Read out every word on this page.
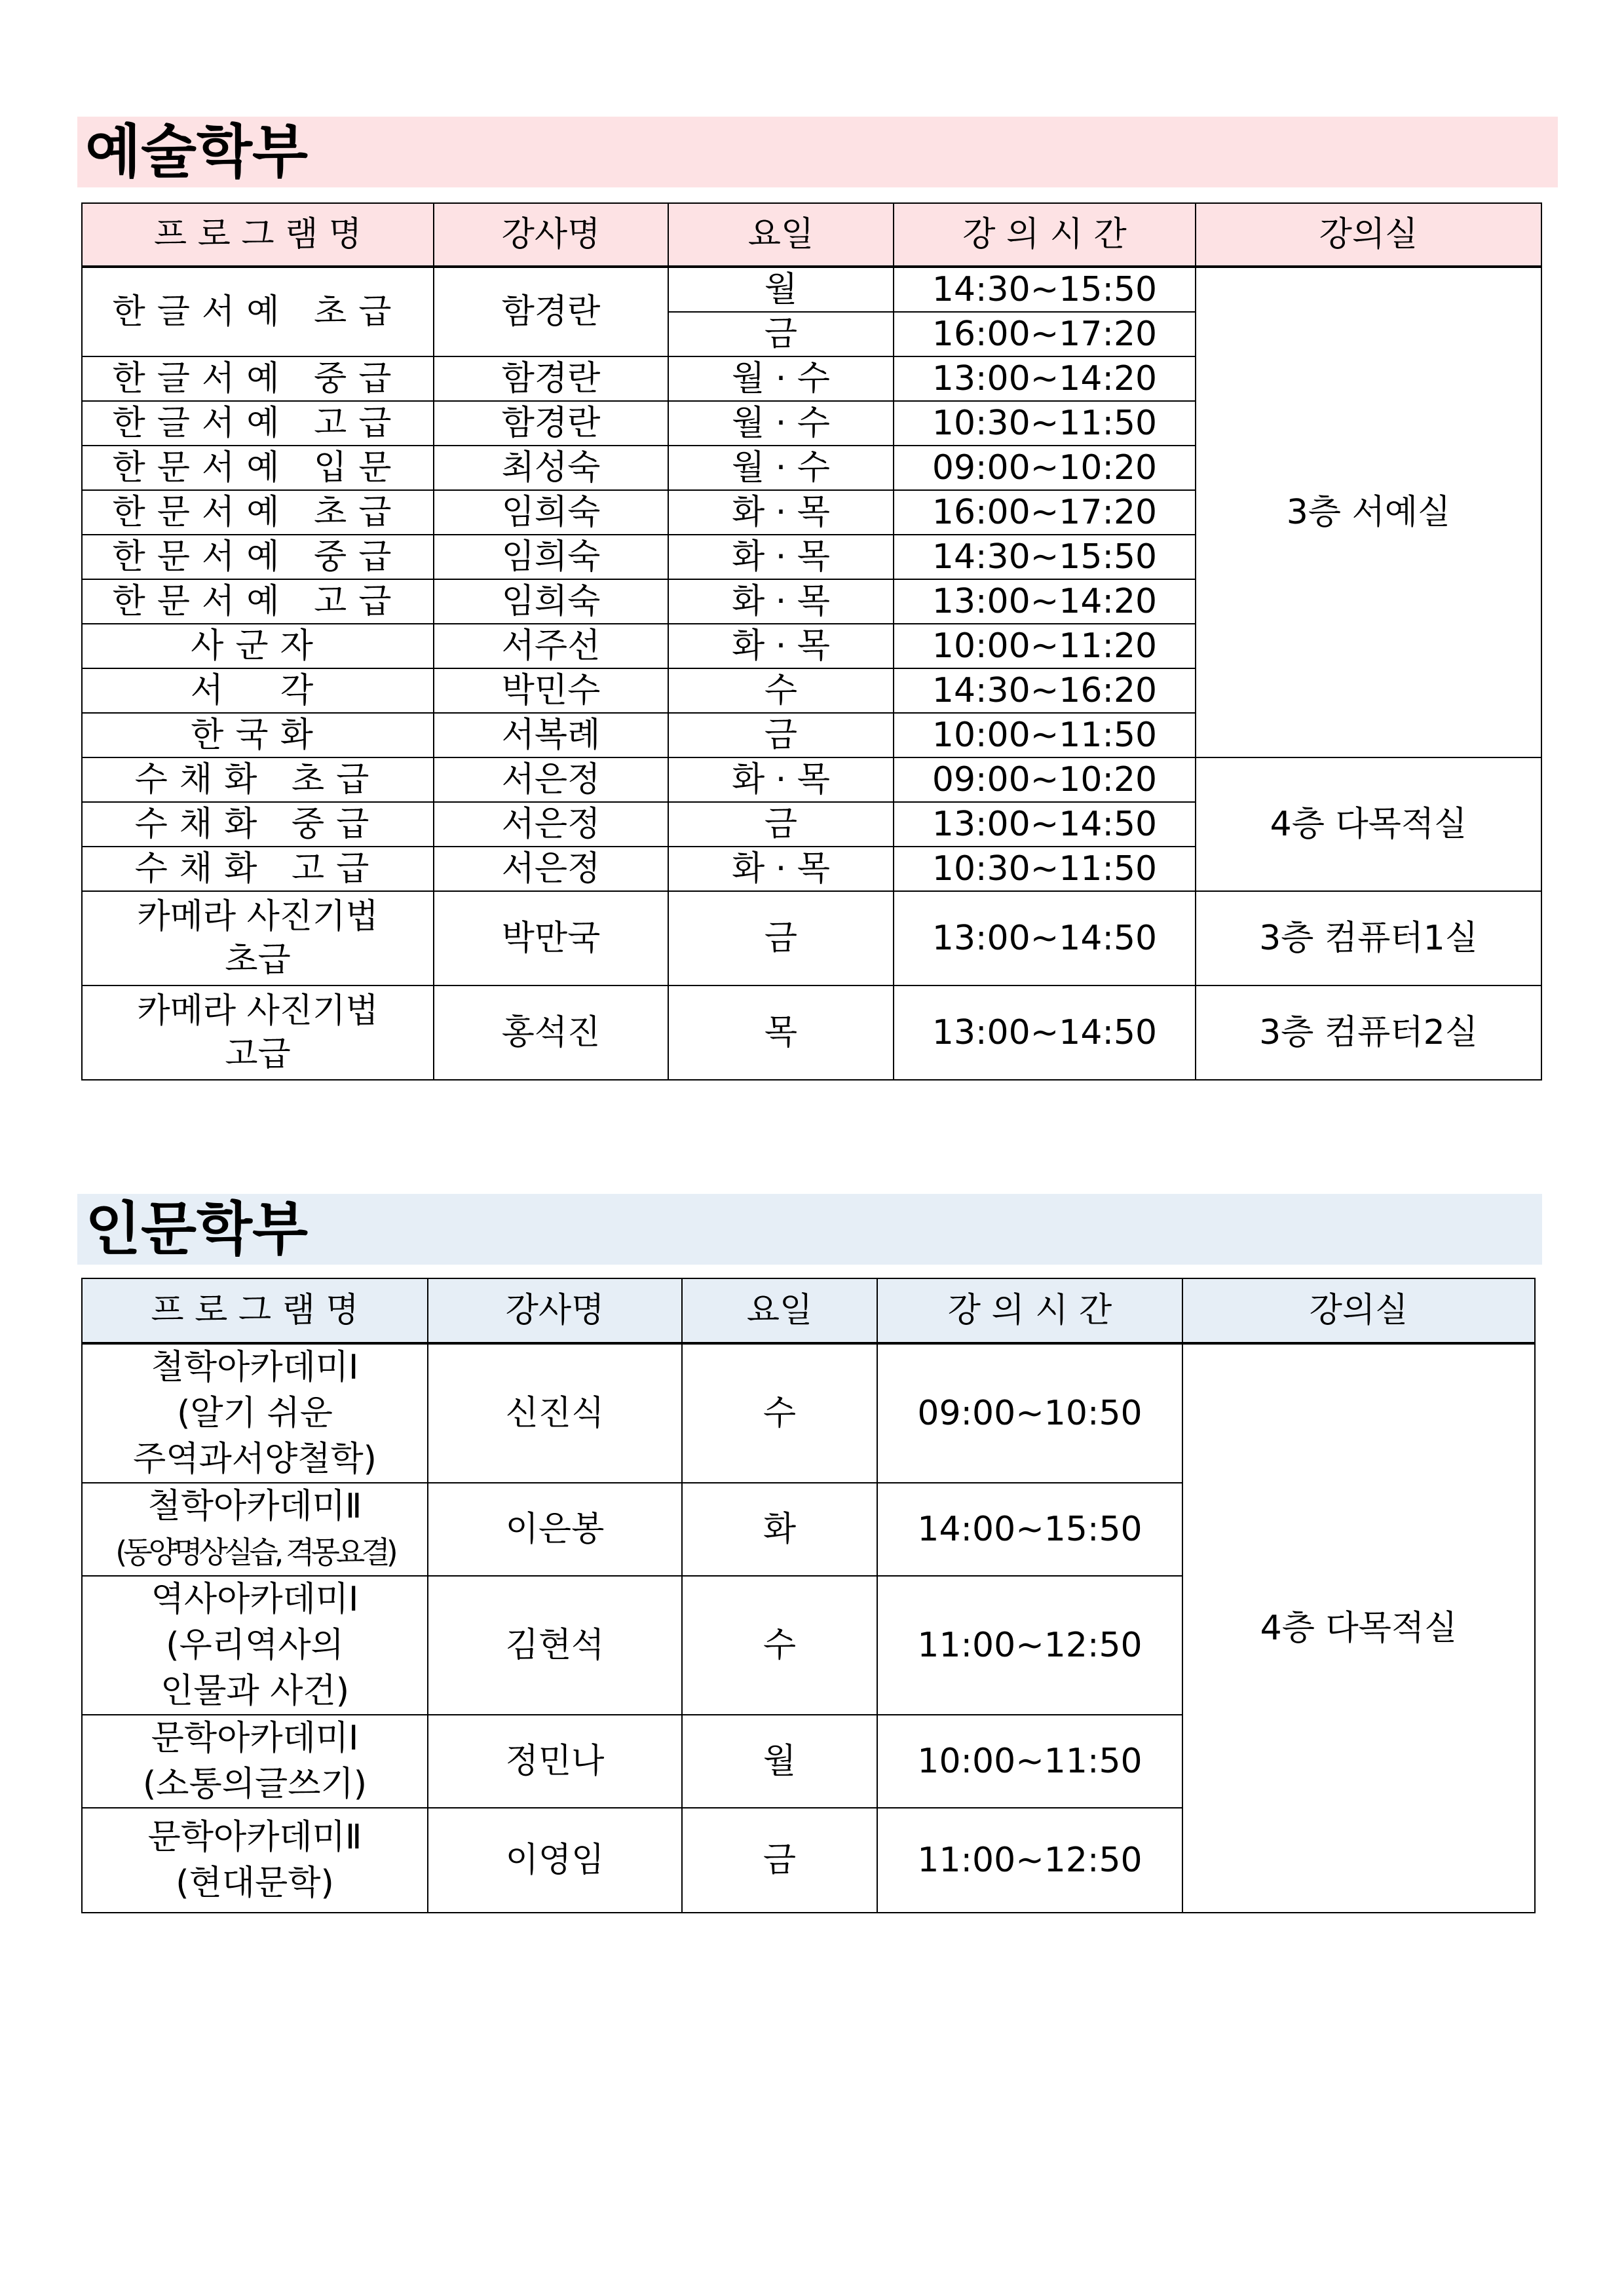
예술학부
프 로 그 램 명	강사명	요일	강 의 시 간	강의실
한글서예 초급	함경란	월	14:30~15:50	3층 서예실
		금	16:00~17:20	
한글서예 중급	함경란	월 · 수	13:00~14:20	
한글서예 고급	함경란	월 · 수	10:30~11:50	
한문서예 입문	최성숙	월 · 수	09:00~10:20	
한문서예 초급	임희숙	화 · 목	16:00~17:20	
한문서예 중급	임희숙	화 · 목	14:30~15:50	
한문서예 고급	임희숙	화 · 목	13:00~14:20	
사군자	서주선	화 · 목	10:00~11:20	
서  각	박민수	수	14:30~16:20	
한국화	서복례	금	10:00~11:50	
수채화 초급	서은정	화 · 목	09:00~10:20	4층 다목적실
수채화 중급	서은정	금	13:00~14:50	
수채화 고급	서은정	화 · 목	10:30~11:50	

카메라 사진기법
초급	박만국	금	13:00~14:50	3층 컴퓨터1실

카메라 사진기법
고급	홍석진	목	13:00~14:50	3층 컴퓨터2실
인문학부
프 로 그 램 명	강사명	요일	강 의 시 간	강의실

철학아카데미Ⅰ
(알기 쉬운
주역과서양철학)	신진식	수	09:00~10:50	4층 다목적실

철학아카데미Ⅱ
(동양명상실습, 격몽요결)	이은봉	화	14:00~15:50	

역사아카데미Ⅰ
(우리역사의
인물과 사건)	김현석	수	11:00~12:50	

문학아카데미Ⅰ
(소통의글쓰기)	정민나	월	10:00~11:50	

문학아카데미Ⅱ
(현대문학)	이영임	금	11:00~12:50	
